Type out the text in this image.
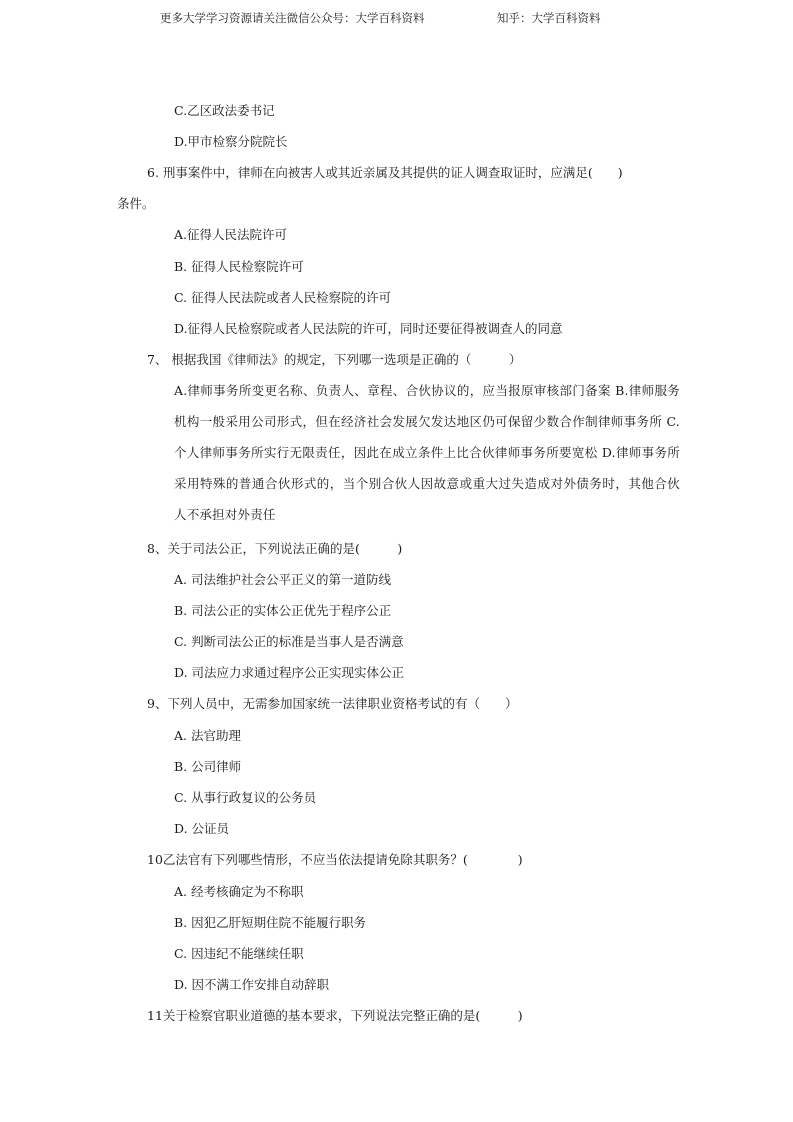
更多大学学习资源请关注微信公众号：大学百科资料	知乎：大学百科资料
C.乙区政法委书记
D.甲市检察分院院长
6. 刑事案件中，律师在向被害人或其近亲属及其提供的证人调查取证时，应满足(　　)
条件。
A.征得人民法院许可
B. 征得人民检察院许可
C. 征得人民法院或者人民检察院的许可
D.征得人民检察院或者人民法院的许可，同时还要征得被调查人的同意
7、 根据我国《律师法》的规定，下列哪一选项是正确的（　　　）
A.律师事务所变更名称、负责人、章程、合伙协议的，应当报原审核部门备案 B.律师服务机构一般采用公司形式，但在经济社会发展欠发达地区仍可保留少数合作制律师事务所 C.个人律师事务所实行无限责任，因此在成立条件上比合伙律师事务所要宽松 D.律师事务所采用特殊的普通合伙形式的，当个别合伙人因故意或重大过失造成对外债务时，其他合伙人不承担对外责任
8、关于司法公正，下列说法正确的是(　　　)
A. 司法维护社会公平正义的第一道防线
B. 司法公正的实体公正优先于程序公正
C. 判断司法公正的标准是当事人是否满意
D. 司法应力求通过程序公正实现实体公正
9、下列人员中，无需参加国家统一法律职业资格考试的有（　　）
A. 法官助理
B. 公司律师
C. 从事行政复议的公务员
D. 公证员
10乙法官有下列哪些情形，不应当依法提请免除其职务？(　　　　)
A. 经考核确定为不称职
B. 因犯乙肝短期住院不能履行职务
C. 因违纪不能继续任职
D. 因不满工作安排自动辞职
11关于检察官职业道德的基本要求，下列说法完整正确的是(　　　)
